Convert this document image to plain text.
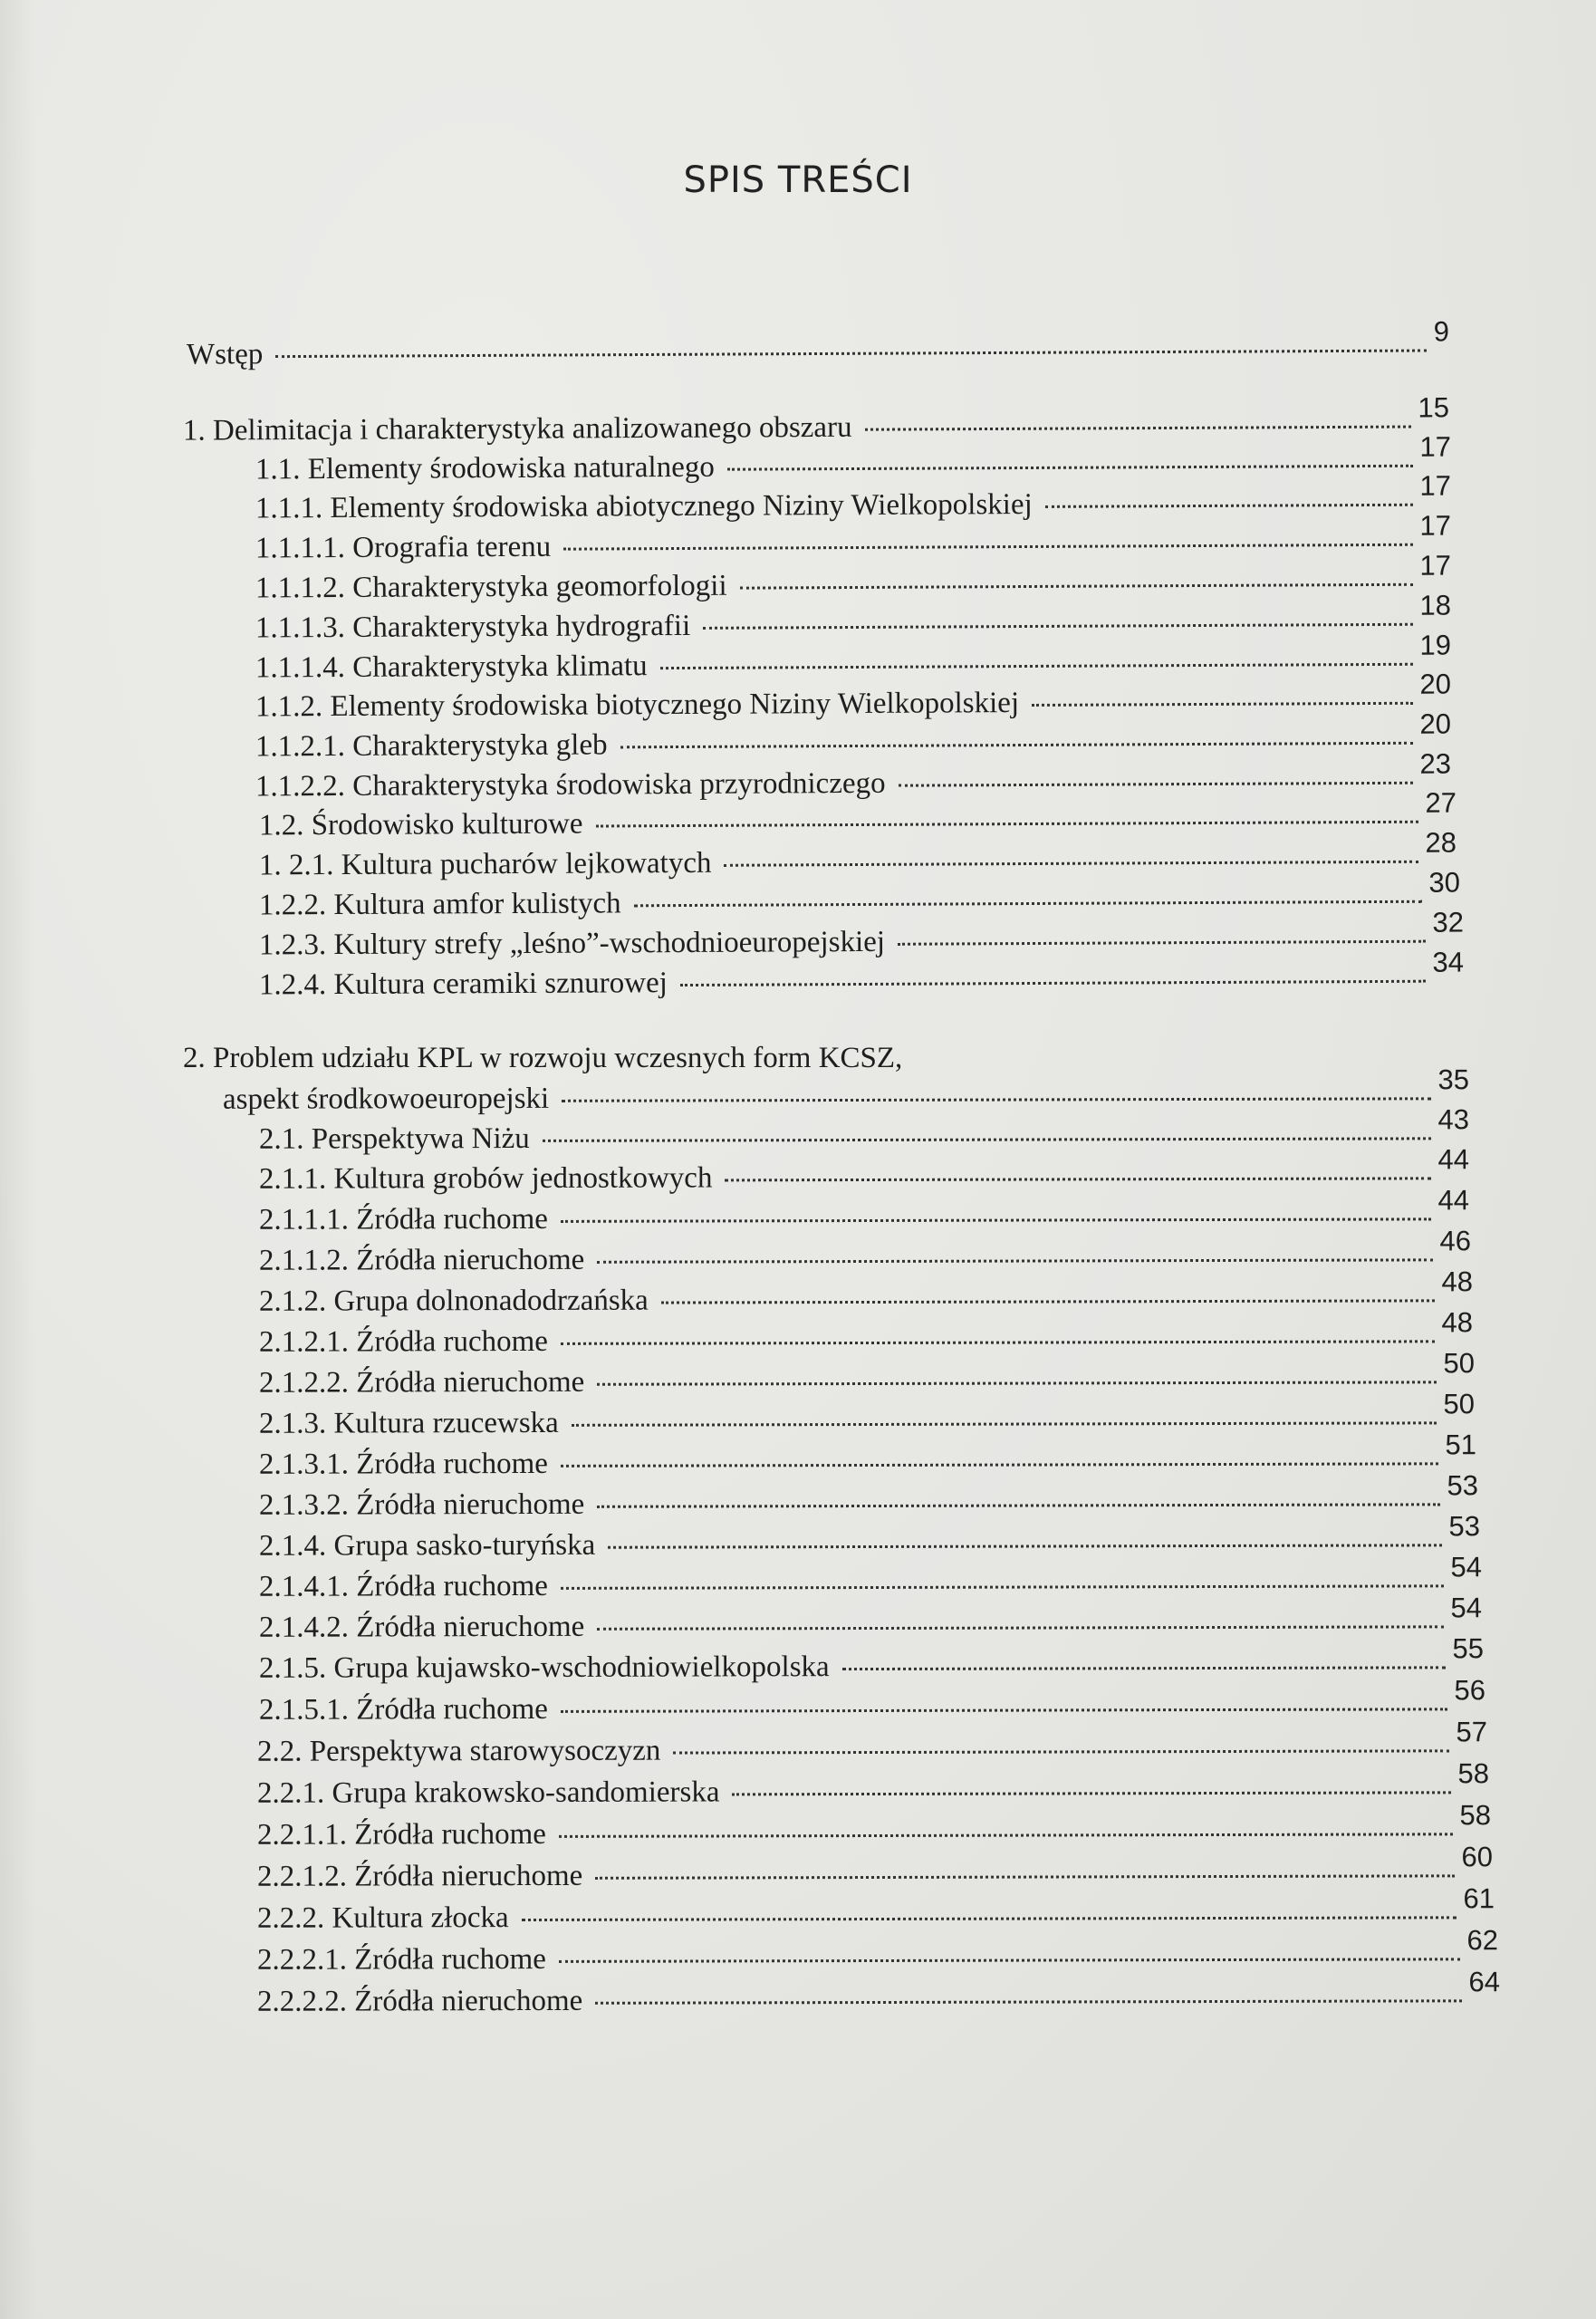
SPIS TREŚCI
Wstęp
9
1. Delimitacja i charakterystyka analizowanego obszaru
15
1.1. Elementy środowiska naturalnego
17
1.1.1. Elementy środowiska abiotycznego Niziny Wielkopolskiej
17
1.1.1.1. Orografia terenu
17
1.1.1.2. Charakterystyka geomorfologii
17
1.1.1.3. Charakterystyka hydrografii
18
1.1.1.4. Charakterystyka klimatu
19
1.1.2. Elementy środowiska biotycznego Niziny Wielkopolskiej
20
1.1.2.1. Charakterystyka gleb
20
1.1.2.2. Charakterystyka środowiska przyrodniczego
23
1.2. Środowisko kulturowe
27
1. 2.1. Kultura pucharów lejkowatych
28
1.2.2. Kultura amfor kulistych
30
1.2.3. Kultury strefy „leśno”-wschodnioeuropejskiej
32
1.2.4. Kultura ceramiki sznurowej
34
2. Problem udziału KPL w rozwoju wczesnych form KCSZ,
aspekt środkowoeuropejski
35
2.1. Perspektywa Niżu
43
2.1.1. Kultura grobów jednostkowych
44
2.1.1.1. Źródła ruchome
44
2.1.1.2. Źródła nieruchome
46
2.1.2. Grupa dolnonadodrzańska
48
2.1.2.1. Źródła ruchome
48
2.1.2.2. Źródła nieruchome
50
2.1.3. Kultura rzucewska
50
2.1.3.1. Źródła ruchome
51
2.1.3.2. Źródła nieruchome
53
2.1.4. Grupa sasko-turyńska
53
2.1.4.1. Źródła ruchome
54
2.1.4.2. Źródła nieruchome
54
2.1.5. Grupa kujawsko-wschodniowielkopolska
55
2.1.5.1. Źródła ruchome
56
2.2. Perspektywa starowysoczyzn
57
2.2.1. Grupa krakowsko-sandomierska
58
2.2.1.1. Źródła ruchome
58
2.2.1.2. Źródła nieruchome
60
2.2.2. Kultura złocka
61
2.2.2.1. Źródła ruchome
62
2.2.2.2. Źródła nieruchome
64
